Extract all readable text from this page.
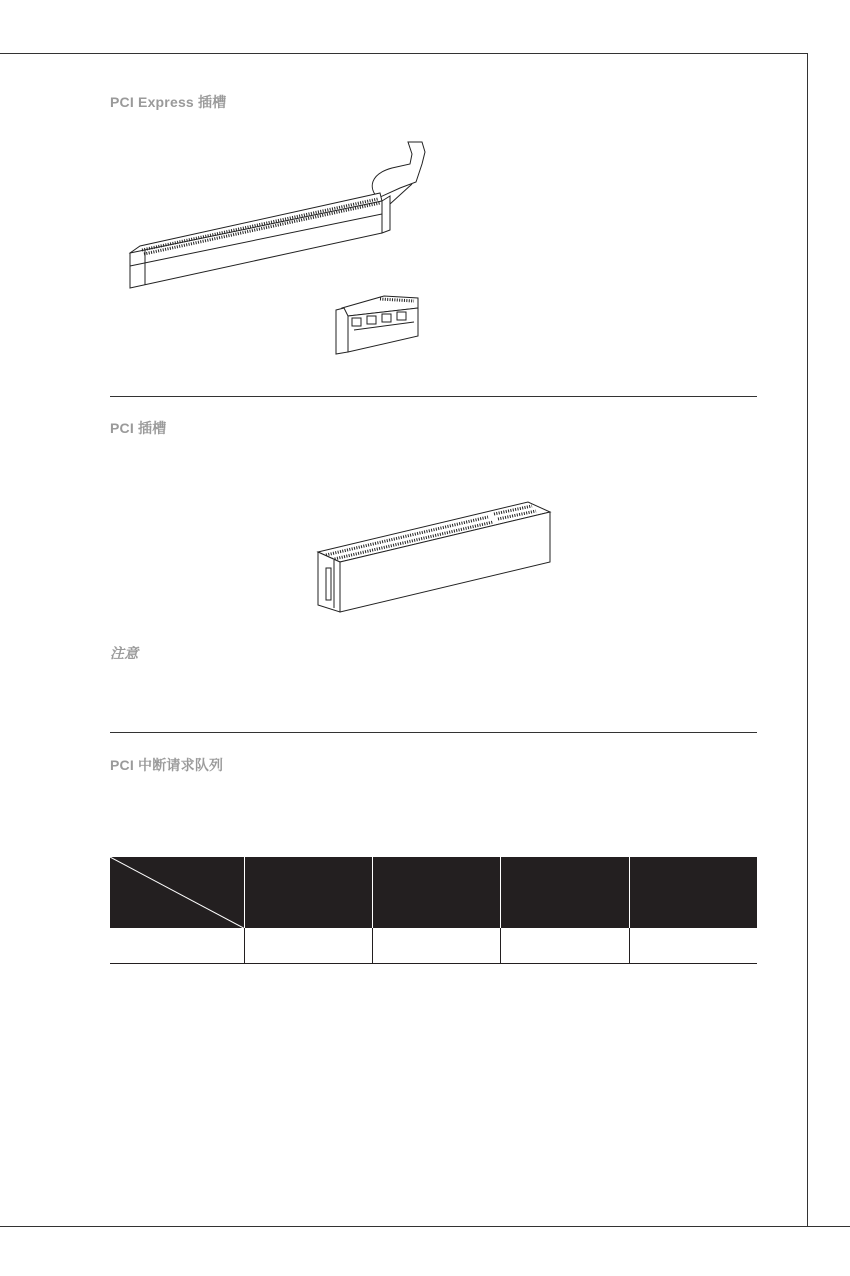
PCI Express 插槽
PCI 插槽
注意
PCI 中断请求队列
